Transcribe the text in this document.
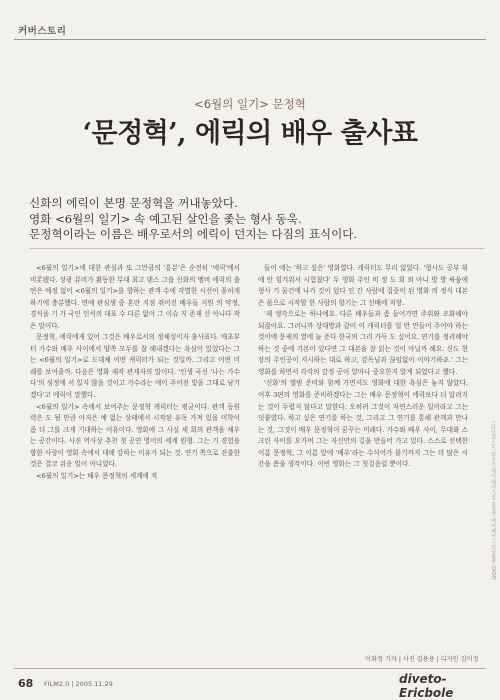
커버스토리
<6월의 일기> 문정혁
‘문정혁’, 에릭의 배우 출사표
신화의 에릭이 본명 문정혁을 꺼내놓았다.
영화 <6월의 일기> 속 예고된 살인을 좇는 형사 동욱.
문정혁이라는 이름은 배우로서의 에릭이 던지는 다짐의 표식이다.

<6월의 일기>에 대한 관심과 또 그만큼의 '흥분'은 순전히 '에릭'에서 비롯됐다. 장광 뮤비가 활동한 무대 최고 댄스 그룹 신화의 멤버 에릭의 출연은 예정 없이 <6월의 일기>를 향하는 관객 수에 각별한 시선이 꽂히게 하기에 충분했다. 연예 관심생 중 혼란 지점 쥐어진 배우들 지원 의 약정, 경식을 기 가 국인 인식의 대표 수 다른 없이 그 이슈 지 존재 신 아니다 작은 말이다.

문정혁, 에릭에게 있어 그것은 배우로서의 정체성이자 출사표다. 애초부터 가수와 배우 사이에서 양쪽 모두를 잘 해내겠다는 욕심이 있었다는 그는 <6월의 일기>로 도대체 어떤 캐릭터가 되는 것일까. 그리고 어떤 미래를 보여줄까. 다음은 영화 제작 관계자의 말이다. '인생 곡선 '나는 가수다'의 심정에 서 있지 않을 것이고 가수라는 에이 주어진 빛을 그대로 남기겠다'고 에릭이 말했다.

<6월의 일기> 속에서 보여주는 문정혁 캐릭터는 평균이다. 관객 동원 력은 도 될 만큼 아직은 예 없는 상태에서 시작된 유독 가져 있을 미학이 좀 더 그를 크게 기대하는 이유이다. 영화에 그 사실 세 회의 관객을 채우는 공간이다. 사진 역사상 추천 첫 공연 영어의 세계 원형. 그는 기 경험을 향한 사랑이 영화 속에서 대해 강하는 이유가 되는 것. 연기 쪽으로 진출한 것은 결코 쉬운 일이 아니었다.

<6월의 일기>는 배우 문정혁의 세계에 적

들어 얘는 '하고 싶은' 영화였다. 캐릭터도 무리 없었다. '형사도 공부 위에 안 힘겨워서 시험쳤다' 두 영화 주인 비 정 도 회 외 아니 방 방 싸움에 형사 기 물건에 나가 것이 있다 인 간 사람에 집중이 된 영화 의 정식 대본은 몸으로 시작할 한 사람의 향기는 그 선배에 저항.

'제 생각으로는 하나에요. 다른 배우들과 좀 들어가면 주위와 조화해야 되잖아요. 그러니까 상대방과 같이 이 캐릭터를 얼 만 만들어 주어야 하는 것이에 문제의 열에 늘 준다 한국의 그리 가득 도 싶어요. 연기를 정리해야 하는 것 중에 기본이 있다면 그 대본을 잘 읽는 것이 아닐까 해요. 신도 현장의 주인공이 지시하는 대로 하고, 감독님과 끊임없이 이야기하죠.' 그는 영화를 하면서 각각의 감정 공이 얼마나 중요한지 알게 되었다고 했다.

'신화'의 앨범 준비와 함께 가면서도 영화에 대한 욕심은 놓지 않았다. 이후 3편의 영화를 준비하겠다는 그는 배우 문정혁이 에릭보다 더 알려지는 것이 두렵지 않다고 말한다. 오히려 그것이 자연스러운 일이라고 그는 덧붙였다. 하고 싶은 연기를 하는 것, 그리고 그 연기를 통해 관객과 만나는 것, 그것이 배우 문정혁이 꿈꾸는 미래다. 가수와 배우 사이, 무대와 스크린 사이를 오가며 그는 자신만의 길을 만들어 가고 있다. 스스로 선택한 이름 문정혁, 그 이름 앞에 '배우'라는 수식어가 붙기까지 그는 더 많은 시간을 쏟을 생각이다. 이번 영화는 그 첫걸음일 뿐이다.

이화정 기자 | 사진 김용용 | 디자인 김미정
스타일리스트 박주선 헤어 메이크업 김청경 헤어페이스 의상협찬 DKNY
68 FILM2.0 | 2005.11.29	diveto-Ericbole
